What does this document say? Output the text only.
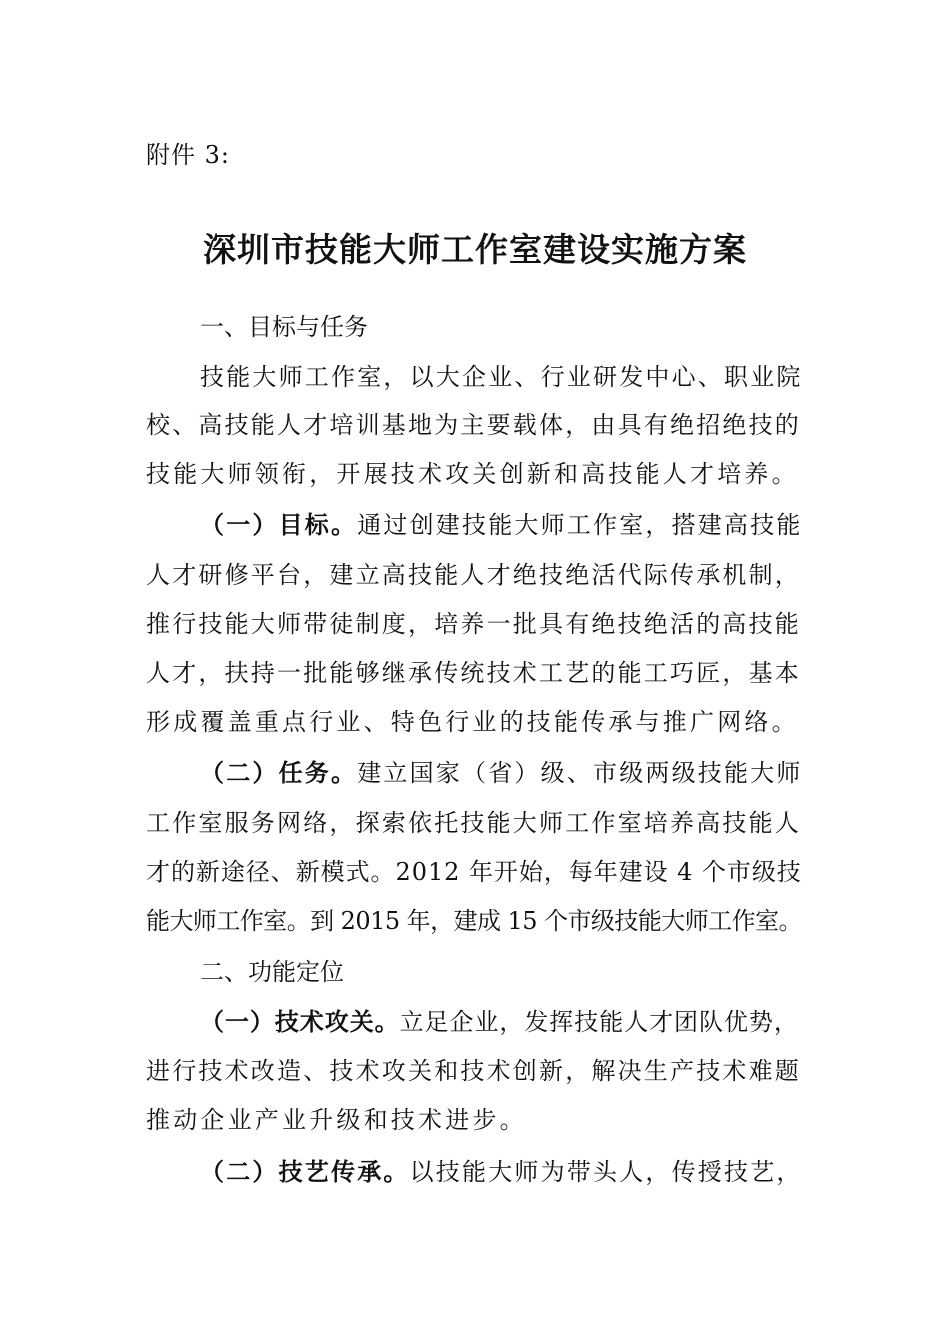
附件 3:
深圳市技能大师工作室建设实施方案
一、目标与任务
技能大师工作室，以大企业、行业研发中心、职业院
校、高技能人才培训基地为主要载体，由具有绝招绝技的
技能大师领衔，开展技术攻关创新和高技能人才培养。
（一）目标。通过创建技能大师工作室，搭建高技能
人才研修平台，建立高技能人才绝技绝活代际传承机制，
推行技能大师带徒制度，培养一批具有绝技绝活的高技能
人才，扶持一批能够继承传统技术工艺的能工巧匠，基本
形成覆盖重点行业、特色行业的技能传承与推广网络。
（二）任务。建立国家（省）级、市级两级技能大师
工作室服务网络，探索依托技能大师工作室培养高技能人
才的新途径、新模式。2012 年开始，每年建设 4 个市级技
能大师工作室。到 2015 年，建成 15 个市级技能大师工作室。
二、功能定位
（一）技术攻关。立足企业，发挥技能人才团队优势，
进行技术改造、技术攻关和技术创新，解决生产技术难题
推动企业产业升级和技术进步。
（二）技艺传承。以技能大师为带头人，传授技艺，
